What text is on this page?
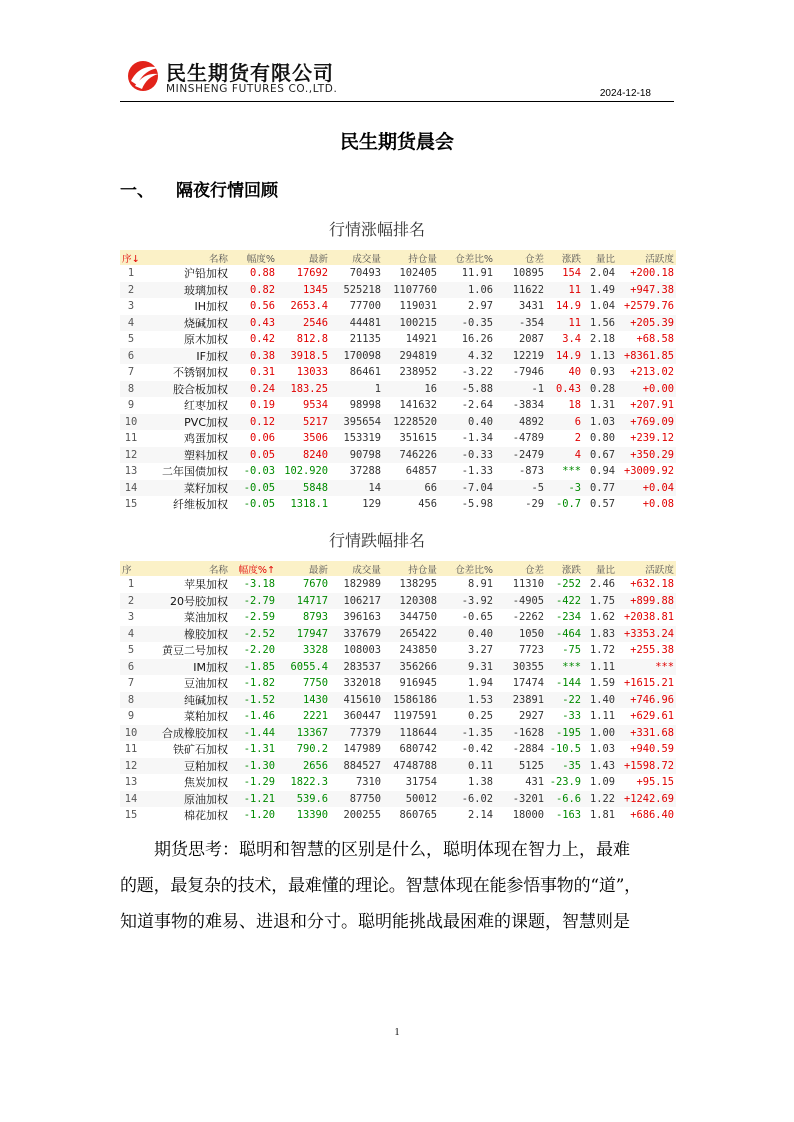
民生期货有限公司
MINSHENG FUTURES CO.,LTD.	2024-12-18
民生期货晨会
一、 隔夜行情回顾
行情涨幅排名
序↓	名称	幅度%	最新	成交量	持仓量	仓差比%	仓差	涨跌	量比	活跃度
1	沪铅加权	0.88	17692	70493	102405	11.91	10895	154	2.04	+200.18
2	玻璃加权	0.82	1345	525218	1107760	1.06	11622	11	1.49	+947.38
3	IH加权	0.56	2653.4	77700	119031	2.97	3431	14.9	1.04	+2579.76
4	烧碱加权	0.43	2546	44481	100215	-0.35	-354	11	1.56	+205.39
5	原木加权	0.42	812.8	21135	14921	16.26	2087	3.4	2.18	+68.58
6	IF加权	0.38	3918.5	170098	294819	4.32	12219	14.9	1.13	+8361.85
7	不锈钢加权	0.31	13033	86461	238952	-3.22	-7946	40	0.93	+213.02
8	胶合板加权	0.24	183.25	1	16	-5.88	-1	0.43	0.28	+0.00
9	红枣加权	0.19	9534	98998	141632	-2.64	-3834	18	1.31	+207.91
10	PVC加权	0.12	5217	395654	1228520	0.40	4892	6	1.03	+769.09
11	鸡蛋加权	0.06	3506	153319	351615	-1.34	-4789	2	0.80	+239.12
12	塑料加权	0.05	8240	90798	746226	-0.33	-2479	4	0.67	+350.29
13	二年国债加权	-0.03	102.920	37288	64857	-1.33	-873	***	0.94	+3009.92
14	菜籽加权	-0.05	5848	14	66	-7.04	-5	-3	0.77	+0.04
15	纤维板加权	-0.05	1318.1	129	456	-5.98	-29	-0.7	0.57	+0.08
行情跌幅排名
序	名称	幅度%↑	最新	成交量	持仓量	仓差比%	仓差	涨跌	量比	活跃度
1	苹果加权	-3.18	7670	182989	138295	8.91	11310	-252	2.46	+632.18
2	20号胶加权	-2.79	14717	106217	120308	-3.92	-4905	-422	1.75	+899.88
3	菜油加权	-2.59	8793	396163	344750	-0.65	-2262	-234	1.62	+2038.81
4	橡胶加权	-2.52	17947	337679	265422	0.40	1050	-464	1.83	+3353.24
5	黄豆二号加权	-2.20	3328	108003	243850	3.27	7723	-75	1.72	+255.38
6	IM加权	-1.85	6055.4	283537	356266	9.31	30355	***	1.11	***
7	豆油加权	-1.82	7750	332018	916945	1.94	17474	-144	1.59	+1615.21
8	纯碱加权	-1.52	1430	415610	1586186	1.53	23891	-22	1.40	+746.96
9	菜粕加权	-1.46	2221	360447	1197591	0.25	2927	-33	1.11	+629.61
10	合成橡胶加权	-1.44	13367	77379	118644	-1.35	-1628	-195	1.00	+331.68
11	铁矿石加权	-1.31	790.2	147989	680742	-0.42	-2884	-10.5	1.03	+940.59
12	豆粕加权	-1.30	2656	884527	4748788	0.11	5125	-35	1.43	+1598.72
13	焦炭加权	-1.29	1822.3	7310	31754	1.38	431	-23.9	1.09	+95.15
14	原油加权	-1.21	539.6	87750	50012	-6.02	-3201	-6.6	1.22	+1242.69
15	棉花加权	-1.20	13390	200255	860765	2.14	18000	-163	1.81	+686.40
期货思考：聪明和智慧的区别是什么，聪明体现在智力上，最难
的题，最复杂的技术，最难懂的理论。智慧体现在能参悟事物的“道”，
知道事物的难易、进退和分寸。聪明能挑战最困难的课题，智慧则是
1
